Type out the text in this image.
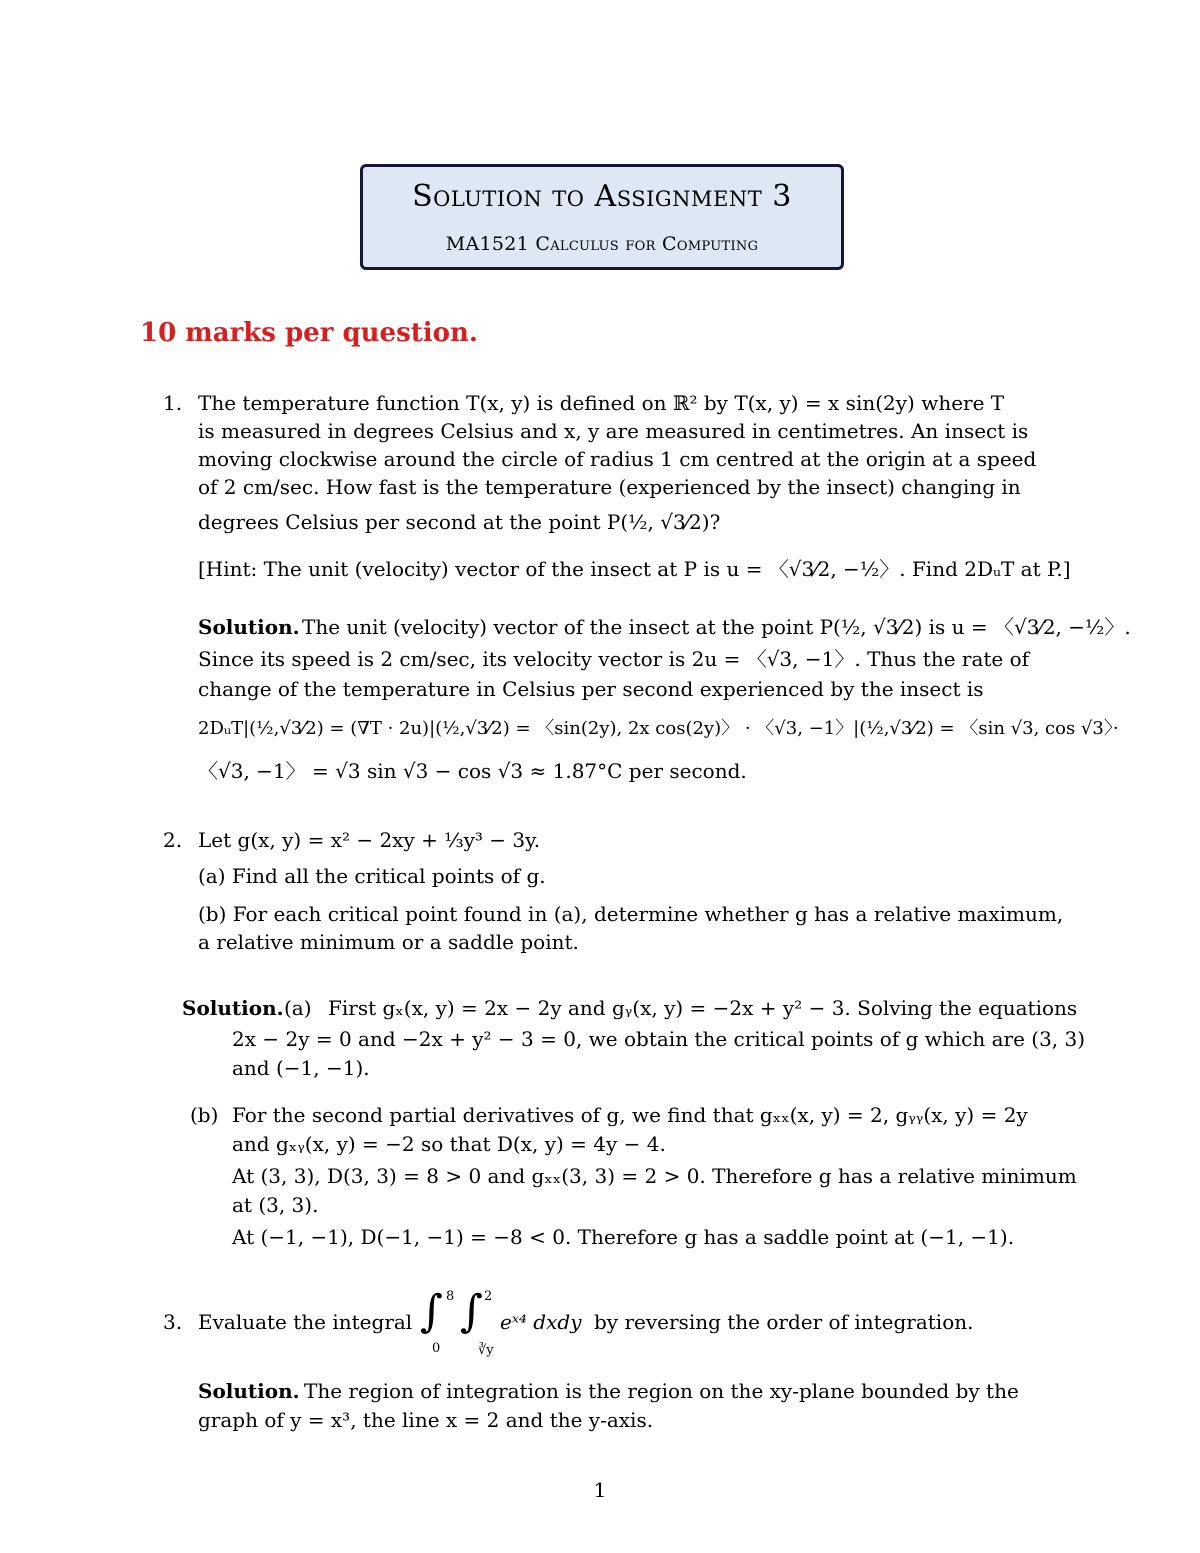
Solution to Assignment 3
MA1521 Calculus for Computing
10 marks per question.
1. The temperature function T(x, y) is defined on ℝ² by T(x, y) = x sin(2y) where T
is measured in degrees Celsius and x, y are measured in centimetres. An insect is
moving clockwise around the circle of radius 1 cm centred at the origin at a speed
of 2 cm/sec. How fast is the temperature (experienced by the insect) changing in
degrees Celsius per second at the point P(½, √3⁄2)?
[Hint: The unit (velocity) vector of the insect at P is u = 〈√3⁄2, −½〉. Find 2DᵤT at P.]
Solution. The unit (velocity) vector of the insect at the point P(½, √3⁄2) is u = 〈√3⁄2, −½〉.
Since its speed is 2 cm/sec, its velocity vector is 2u = 〈√3, −1〉. Thus the rate of
change of the temperature in Celsius per second experienced by the insect is
2DᵤT|(½,√3⁄2) = (∇T · 2u)|(½,√3⁄2) = 〈sin(2y), 2x cos(2y)〉 · 〈√3, −1〉|(½,√3⁄2) = 〈sin √3, cos √3〉·
〈√3, −1〉 = √3 sin √3 − cos √3 ≈ 1.87°C per second.
2. Let g(x, y) = x² − 2xy + ⅓y³ − 3y.
(a) Find all the critical points of g.
(b) For each critical point found in (a), determine whether g has a relative maximum,
a relative minimum or a saddle point.
Solution. (a) First gₓ(x, y) = 2x − 2y and gᵧ(x, y) = −2x + y² − 3. Solving the equations
2x − 2y = 0 and −2x + y² − 3 = 0, we obtain the critical points of g which are (3, 3)
and (−1, −1).
(b) For the second partial derivatives of g, we find that gₓₓ(x, y) = 2, gᵧᵧ(x, y) = 2y
and gₓᵧ(x, y) = −2 so that D(x, y) = 4y − 4.
At (3, 3), D(3, 3) = 8 > 0 and gₓₓ(3, 3) = 2 > 0. Therefore g has a relative minimum
at (3, 3).
At (−1, −1), D(−1, −1) = −8 < 0. Therefore g has a saddle point at (−1, −1).
3. Evaluate the integral ∫ 8
0
∫ 2
∛y
eˣ⁴ dxdy by reversing the order of integration.
Solution. The region of integration is the region on the xy-plane bounded by the
graph of y = x³, the line x = 2 and the y-axis.
1
